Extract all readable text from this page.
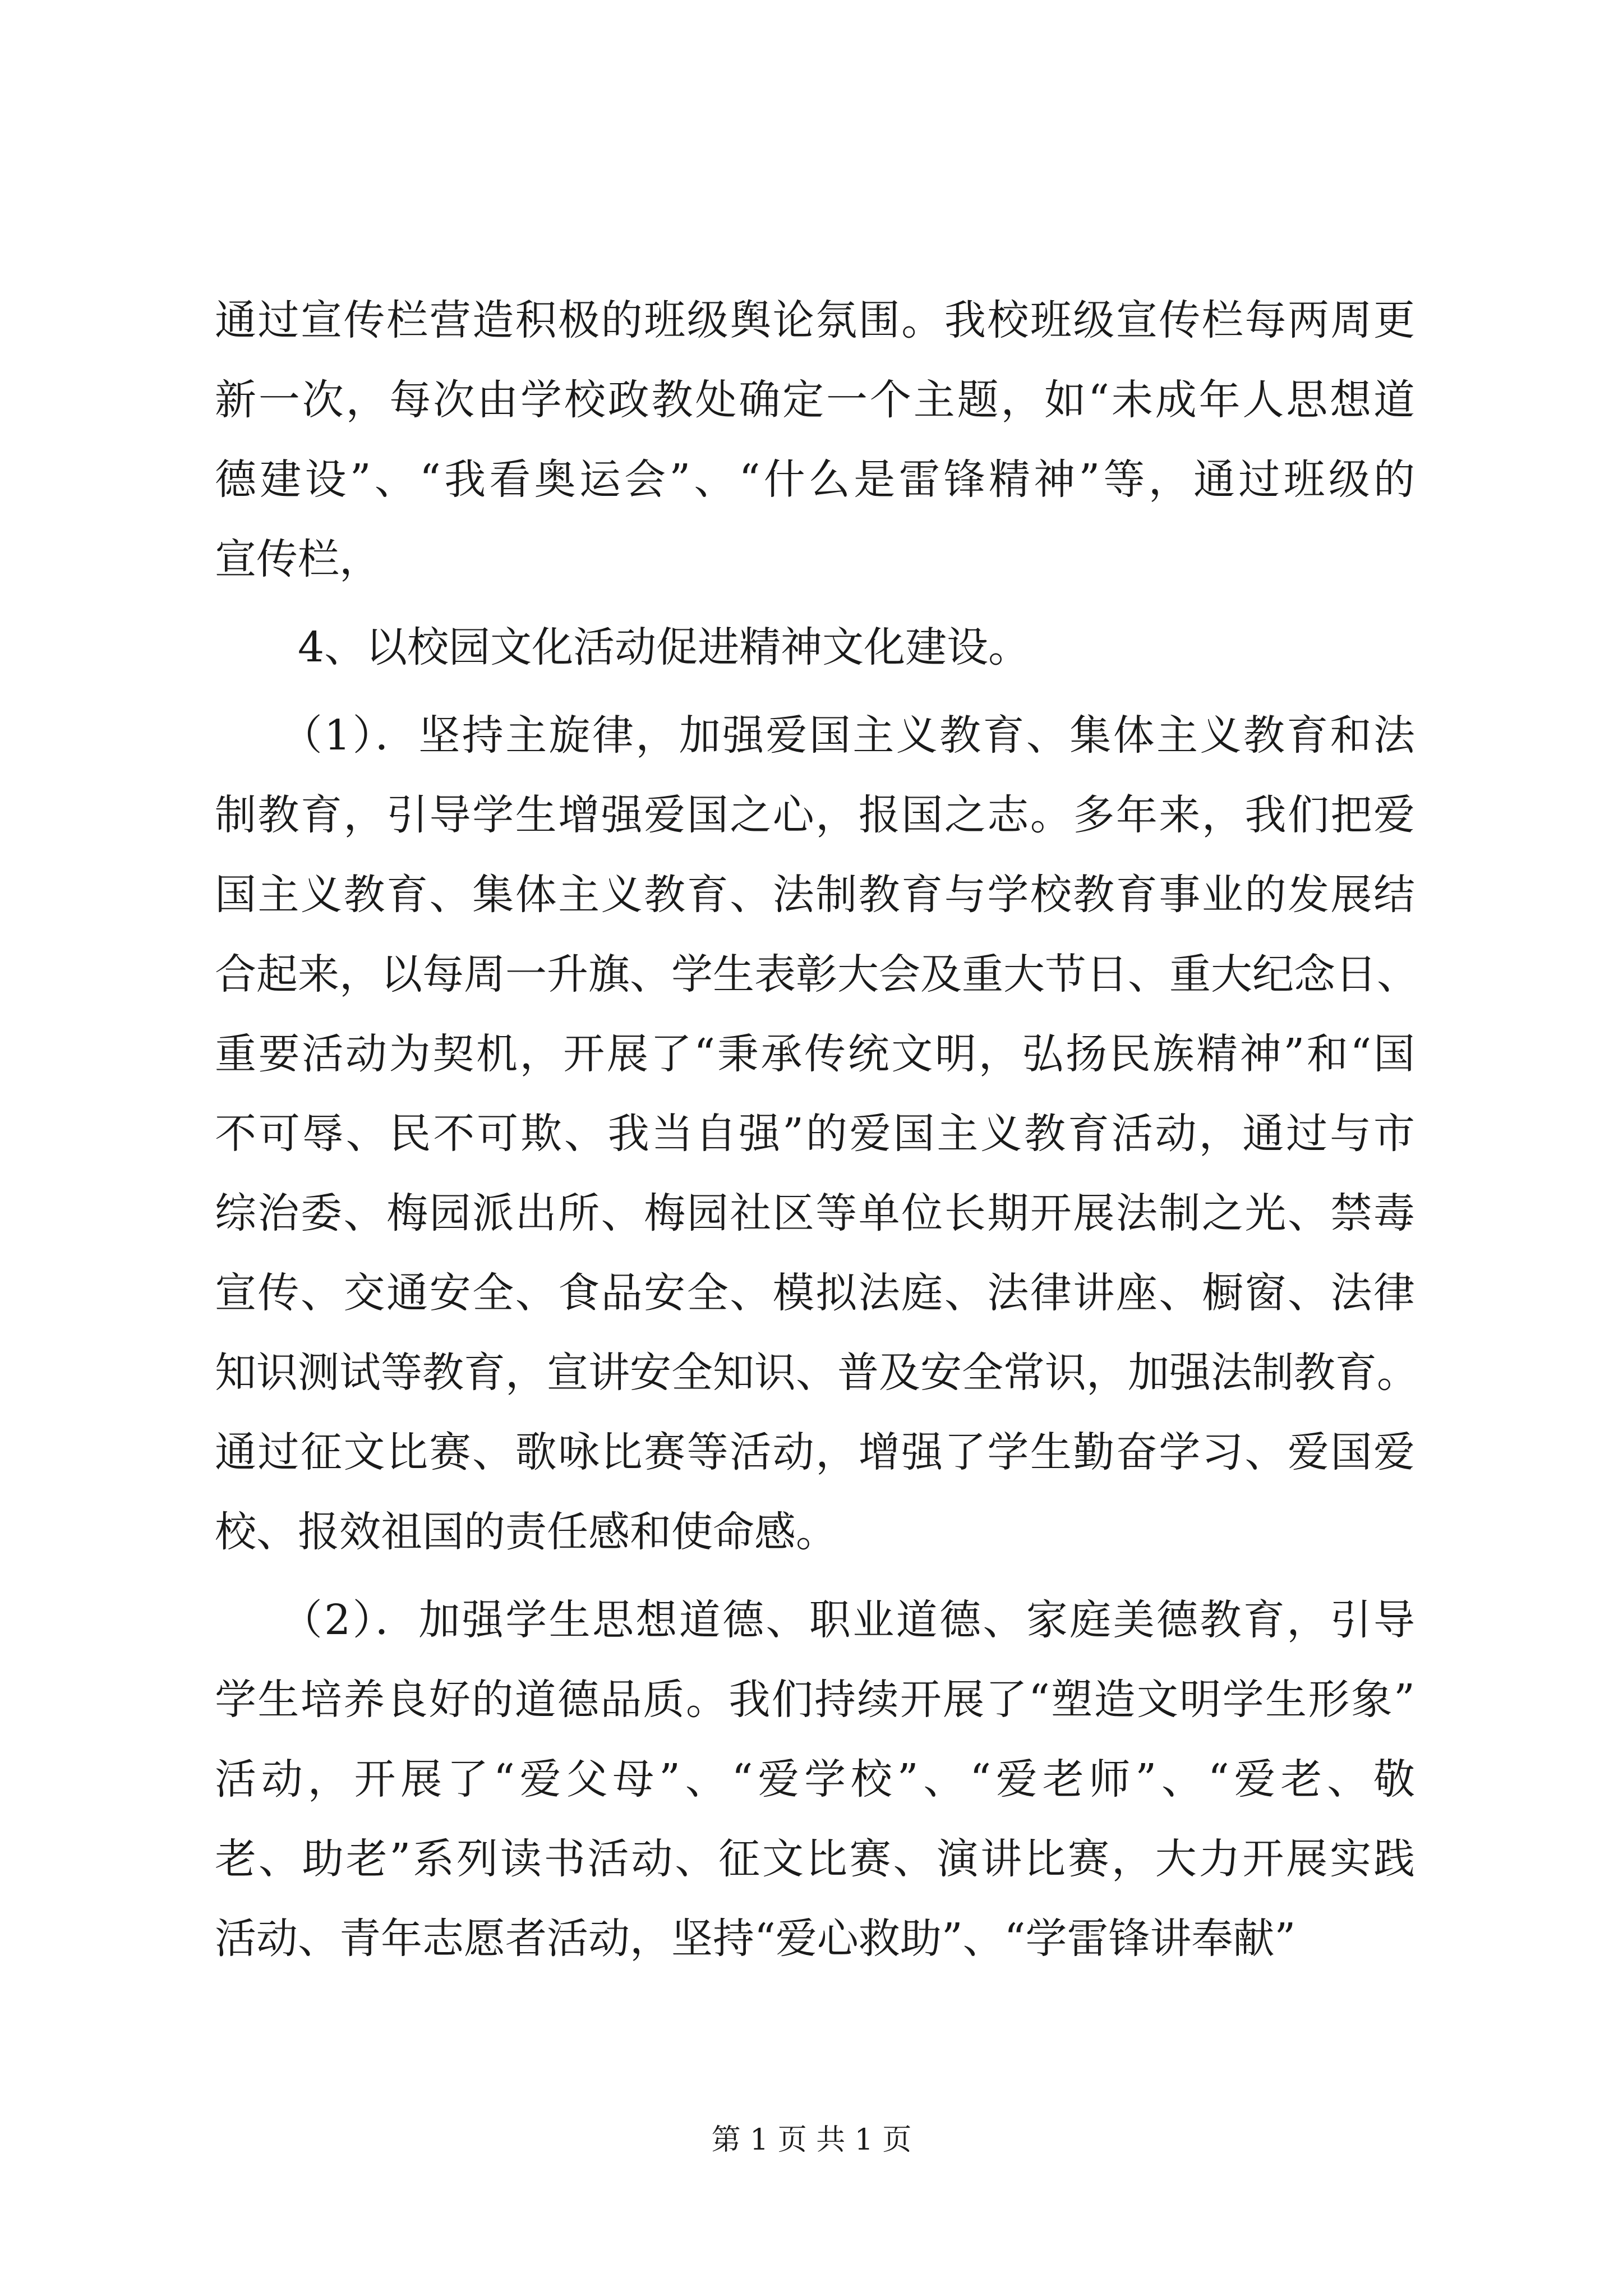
通过宣传栏营造积极的班级舆论氛围。我校班级宣传栏每两周更
新一次，每次由学校政教处确定一个主题，如“未成年人思想道
德建设”、“我看奥运会”、“什么是雷锋精神”等，通过班级的
宣传栏，
　　4、以校园文化活动促进精神文化建设。
　　（1）．坚持主旋律，加强爱国主义教育、集体主义教育和法
制教育，引导学生增强爱国之心，报国之志。多年来，我们把爱
国主义教育、集体主义教育、法制教育与学校教育事业的发展结
合起来，以每周一升旗、学生表彰大会及重大节日、重大纪念日、
重要活动为契机，开展了“秉承传统文明，弘扬民族精神”和“国
不可辱、民不可欺、我当自强”的爱国主义教育活动，通过与市
综治委、梅园派出所、梅园社区等单位长期开展法制之光、禁毒
宣传、交通安全、食品安全、模拟法庭、法律讲座、橱窗、法律
知识测试等教育，宣讲安全知识、普及安全常识，加强法制教育。
通过征文比赛、歌咏比赛等活动，增强了学生勤奋学习、爱国爱
校、报效祖国的责任感和使命感。
　　（2）．加强学生思想道德、职业道德、家庭美德教育，引导
学生培养良好的道德品质。我们持续开展了“塑造文明学生形象”
活动，开展了“爱父母”、“爱学校”、“爱老师”、“爱老、敬
老、助老”系列读书活动、征文比赛、演讲比赛，大力开展实践
活动、青年志愿者活动，坚持“爱心救助”、“学雷锋讲奉献”
第 1 页 共 1 页
